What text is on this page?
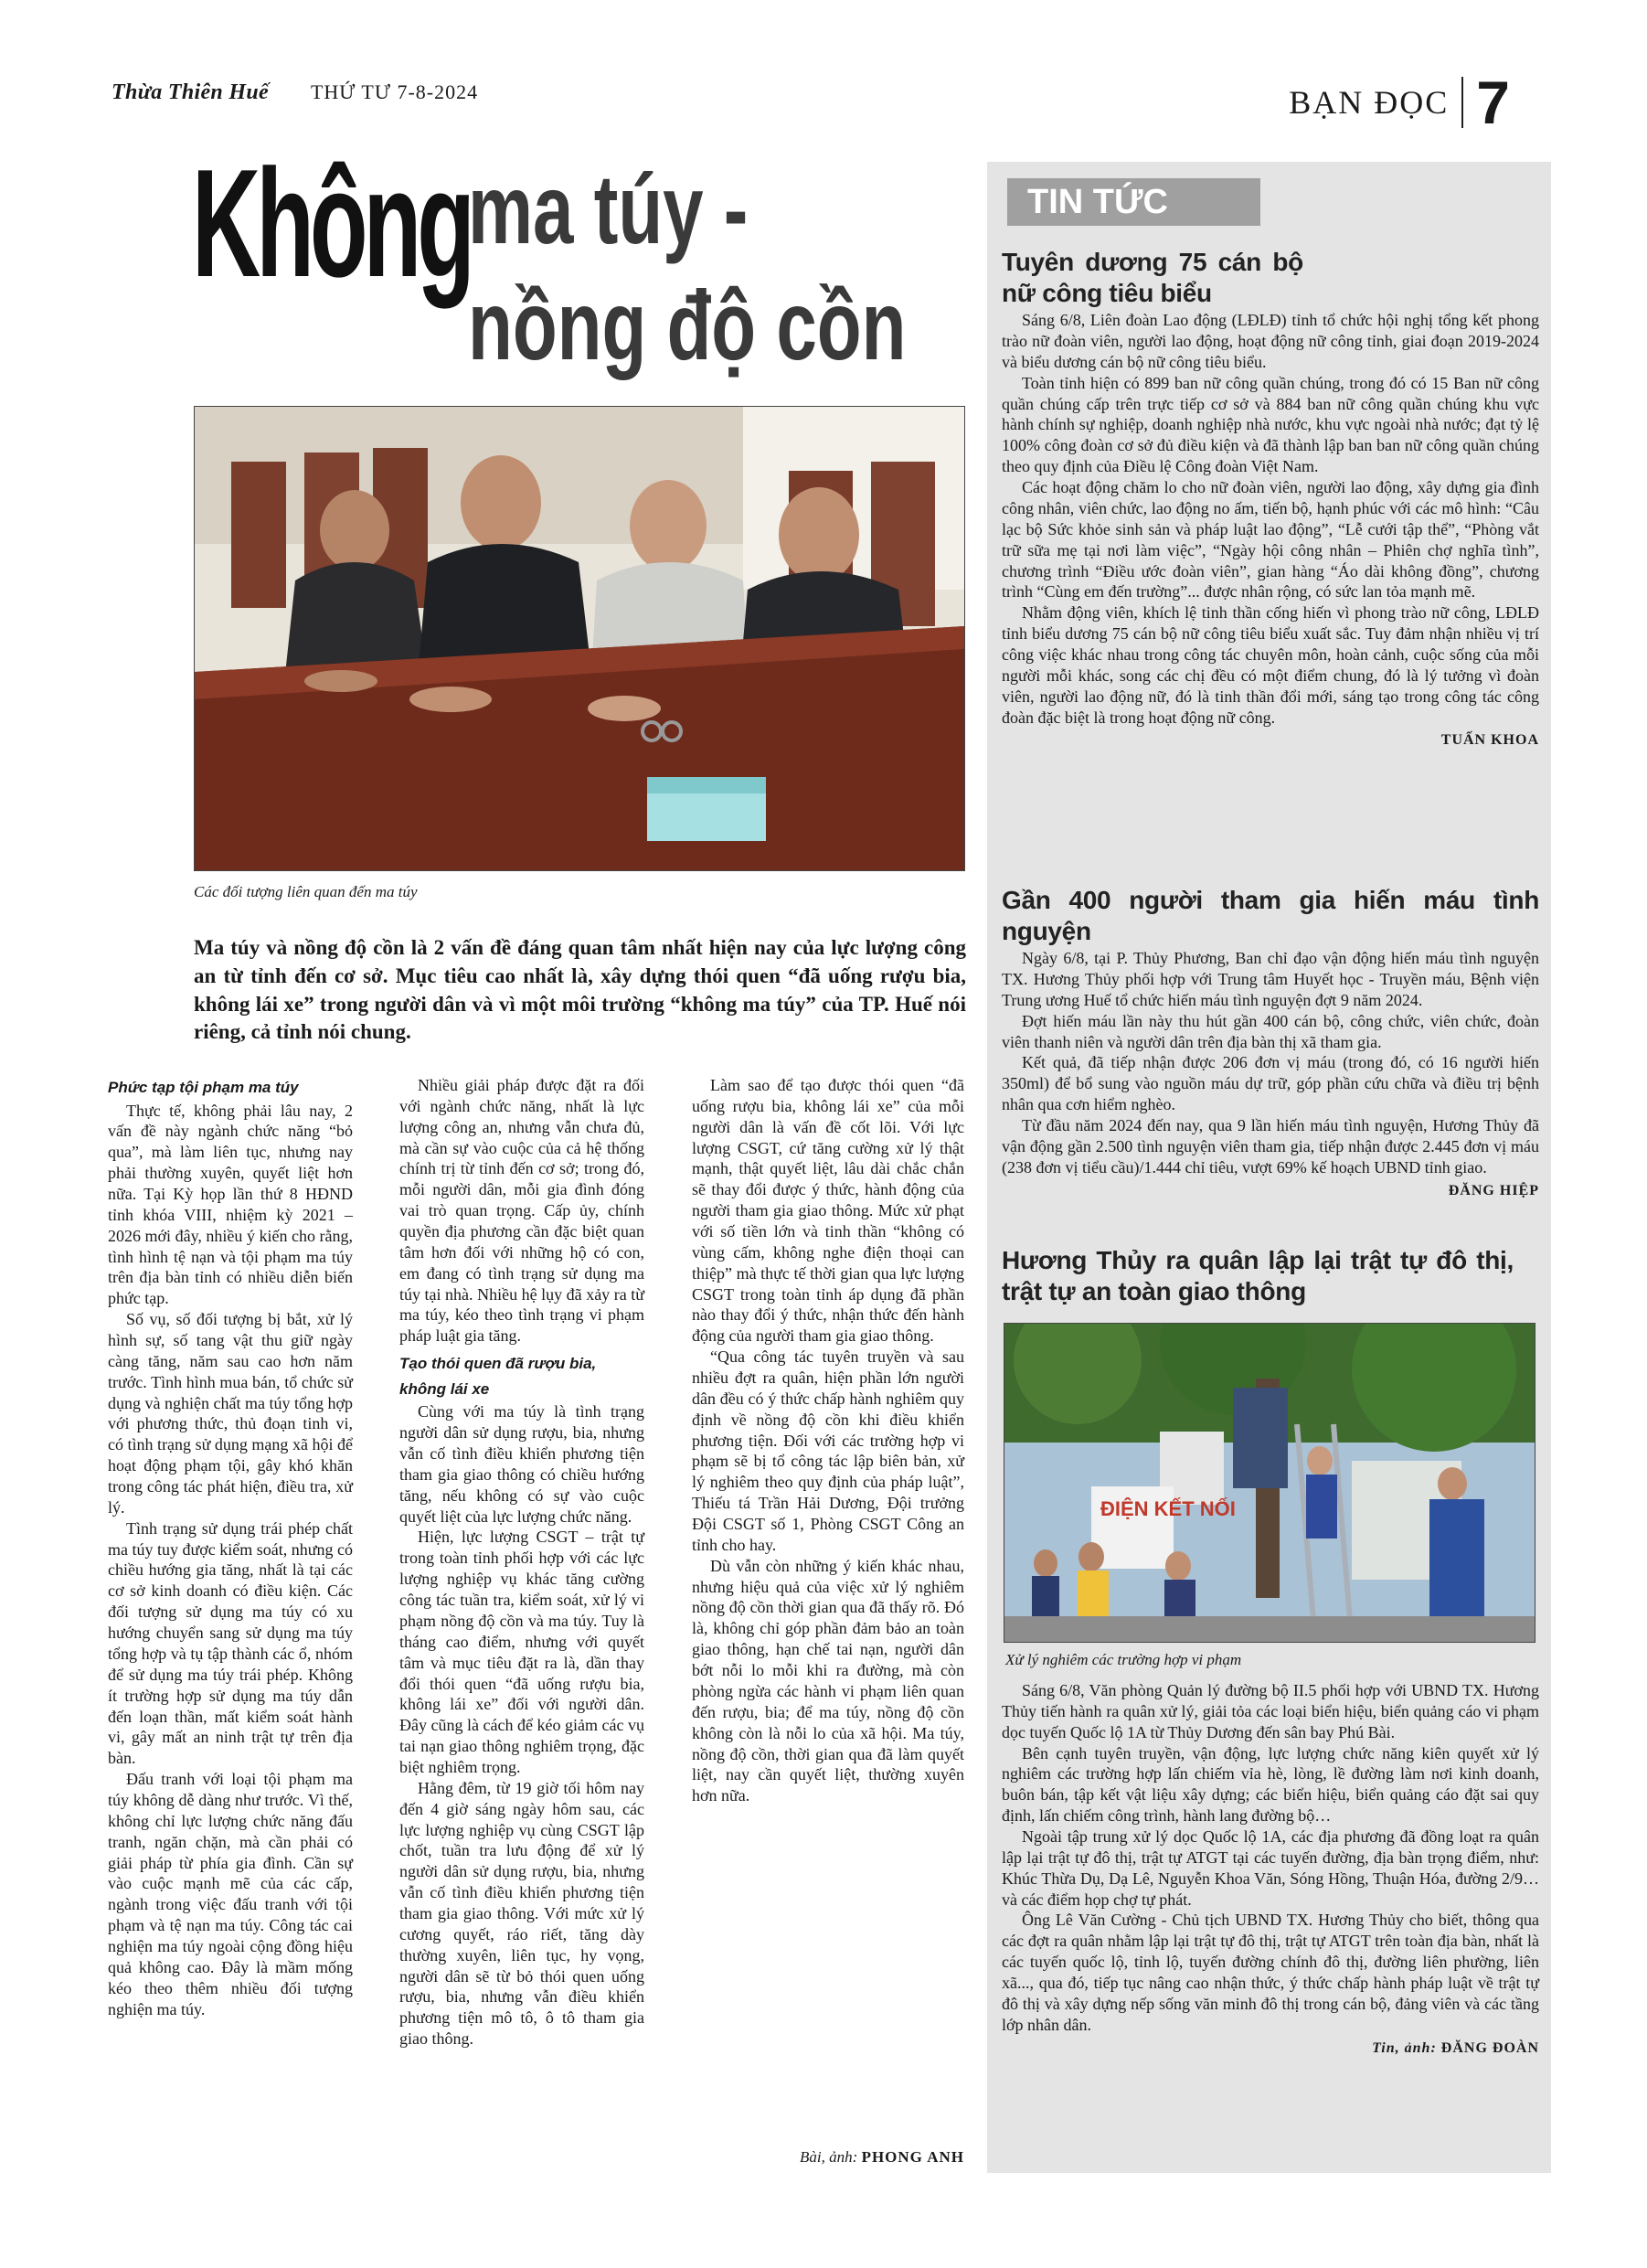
Thừa Thiên Huế THỨ TƯ 7-8-2024	BẠN ĐỌC 7
Không
ma túy -
nồng độ cồn
Các đối tượng liên quan đến ma túy
Ma túy và nồng độ cồn là 2 vấn đề đáng quan tâm nhất hiện nay của lực lượng công an từ tỉnh đến cơ sở. Mục tiêu cao nhất là, xây dựng thói quen “đã uống rượu bia, không lái xe” trong người dân và vì một môi trường “không ma túy” của TP. Huế nói riêng, cả tỉnh nói chung.
Phức tạp tội phạm ma túy

Thực tế, không phải lâu nay, 2 vấn đề này ngành chức năng “bỏ qua”, mà làm liên tục, nhưng nay phải thường xuyên, quyết liệt hơn nữa. Tại Kỳ họp lần thứ 8 HĐND tỉnh khóa VIII, nhiệm kỳ 2021 – 2026 mới đây, nhiều ý kiến cho rằng, tình hình tệ nạn và tội phạm ma túy trên địa bàn tỉnh có nhiều diễn biến phức tạp.

Số vụ, số đối tượng bị bắt, xử lý hình sự, số tang vật thu giữ ngày càng tăng, năm sau cao hơn năm trước. Tình hình mua bán, tổ chức sử dụng và nghiện chất ma túy tổng hợp với phương thức, thủ đoạn tinh vi, có tình trạng sử dụng mạng xã hội để hoạt động phạm tội, gây khó khăn trong công tác phát hiện, điều tra, xử lý.

Tình trạng sử dụng trái phép chất ma túy tuy được kiểm soát, nhưng có chiều hướng gia tăng, nhất là tại các cơ sở kinh doanh có điều kiện. Các đối tượng sử dụng ma túy có xu hướng chuyển sang sử dụng ma túy tổng hợp và tụ tập thành các ổ, nhóm để sử dụng ma túy trái phép. Không ít trường hợp sử dụng ma túy dẫn đến loạn thần, mất kiểm soát hành vi, gây mất an ninh trật tự trên địa bàn.

Đấu tranh với loại tội phạm ma túy không dễ dàng như trước. Vì thế, không chỉ lực lượng chức năng đấu tranh, ngăn chặn, mà cần phải có giải pháp từ phía gia đình. Cần sự vào cuộc mạnh mẽ của các cấp, ngành trong việc đấu tranh với tội phạm và tệ nạn ma túy. Công tác cai nghiện ma túy ngoài cộng đồng hiệu quả không cao. Đây là mầm mống kéo theo thêm nhiều đối tượng nghiện ma túy.

Nhiều giải pháp được đặt ra đối với ngành chức năng, nhất là lực lượng công an, nhưng vẫn chưa đủ, mà cần sự vào cuộc của cả hệ thống chính trị từ tỉnh đến cơ sở; trong đó, mỗi người dân, mỗi gia đình đóng vai trò quan trọng. Cấp ủy, chính quyền địa phương cần đặc biệt quan tâm hơn đối với những hộ có con, em đang có tình trạng sử dụng ma túy tại nhà. Nhiều hệ lụy đã xảy ra từ ma túy, kéo theo tình trạng vi phạm pháp luật gia tăng.

Tạo thói quen đã rượu bia,
không lái xe

Cùng với ma túy là tình trạng người dân sử dụng rượu, bia, nhưng vẫn cố tình điều khiển phương tiện tham gia giao thông có chiều hướng tăng, nếu không có sự vào cuộc quyết liệt của lực lượng chức năng.

Hiện, lực lượng CSGT – trật tự trong toàn tỉnh phối hợp với các lực lượng nghiệp vụ khác tăng cường công tác tuần tra, kiểm soát, xử lý vi phạm nồng độ cồn và ma túy. Tuy là tháng cao điểm, nhưng với quyết tâm và mục tiêu đặt ra là, dần thay đổi thói quen “đã uống rượu bia, không lái xe” đối với người dân. Đây cũng là cách để kéo giảm các vụ tai nạn giao thông nghiêm trọng, đặc biệt nghiêm trọng.

Hằng đêm, từ 19 giờ tối hôm nay đến 4 giờ sáng ngày hôm sau, các lực lượng nghiệp vụ cùng CSGT lập chốt, tuần tra lưu động để xử lý người dân sử dụng rượu, bia, nhưng vẫn cố tình điều khiển phương tiện tham gia giao thông. Với mức xử lý cương quyết, ráo riết, tăng dày thường xuyên, liên tục, hy vọng, người dân sẽ từ bỏ thói quen uống rượu, bia, nhưng vẫn điều khiển phương tiện mô tô, ô tô tham gia giao thông.

Làm sao để tạo được thói quen “đã uống rượu bia, không lái xe” của mỗi người dân là vấn đề cốt lõi. Với lực lượng CSGT, cứ tăng cường xử lý thật mạnh, thật quyết liệt, lâu dài chắc chắn sẽ thay đổi được ý thức, hành động của người tham gia giao thông. Mức xử phạt với số tiền lớn và tinh thần “không có vùng cấm, không nghe điện thoại can thiệp” mà thực tế thời gian qua lực lượng CSGT trong toàn tỉnh áp dụng đã phần nào thay đổi ý thức, nhận thức đến hành động của người tham gia giao thông.

“Qua công tác tuyên truyền và sau nhiều đợt ra quân, hiện phần lớn người dân đều có ý thức chấp hành nghiêm quy định về nồng độ cồn khi điều khiển phương tiện. Đối với các trường hợp vi phạm sẽ bị tổ công tác lập biên bản, xử lý nghiêm theo quy định của pháp luật”, Thiếu tá Trần Hải Dương, Đội trưởng Đội CSGT số 1, Phòng CSGT Công an tỉnh cho hay.

Dù vẫn còn những ý kiến khác nhau, nhưng hiệu quả của việc xử lý nghiêm nồng độ cồn thời gian qua đã thấy rõ. Đó là, không chỉ góp phần đảm bảo an toàn giao thông, hạn chế tai nạn, người dân bớt nỗi lo mỗi khi ra đường, mà còn phòng ngừa các hành vi phạm liên quan đến rượu, bia; để ma túy, nồng độ cồn không còn là nỗi lo của xã hội. Ma túy, nồng độ cồn, thời gian qua đã làm quyết liệt, nay cần quyết liệt, thường xuyên hơn nữa.

Bài, ảnh: PHONG ANH
TIN TỨC
Tuyên dương 75 cán bộ nữ công tiêu biểu

Sáng 6/8, Liên đoàn Lao động (LĐLĐ) tỉnh tổ chức hội nghị tổng kết phong trào nữ đoàn viên, người lao động, hoạt động nữ công tỉnh, giai đoạn 2019-2024 và biểu dương cán bộ nữ công tiêu biểu.

Toàn tỉnh hiện có 899 ban nữ công quần chúng, trong đó có 15 Ban nữ công quần chúng cấp trên trực tiếp cơ sở và 884 ban nữ công quần chúng khu vực hành chính sự nghiệp, doanh nghiệp nhà nước, khu vực ngoài nhà nước; đạt tỷ lệ 100% công đoàn cơ sở đủ điều kiện và đã thành lập ban ban nữ công quần chúng theo quy định của Điều lệ Công đoàn Việt Nam.

Các hoạt động chăm lo cho nữ đoàn viên, người lao động, xây dựng gia đình công nhân, viên chức, lao động no ấm, tiến bộ, hạnh phúc với các mô hình: “Câu lạc bộ Sức khỏe sinh sản và pháp luật lao động”, “Lễ cưới tập thể”, “Phòng vắt trữ sữa mẹ tại nơi làm việc”, “Ngày hội công nhân – Phiên chợ nghĩa tình”, chương trình “Điều ước đoàn viên”, gian hàng “Áo dài không đồng”, chương trình “Cùng em đến trường”... được nhân rộng, có sức lan tỏa mạnh mẽ.

Nhằm động viên, khích lệ tinh thần cống hiến vì phong trào nữ công, LĐLĐ tỉnh biểu dương 75 cán bộ nữ công tiêu biểu xuất sắc. Tuy đảm nhận nhiều vị trí công việc khác nhau trong công tác chuyên môn, hoàn cảnh, cuộc sống của mỗi người mỗi khác, song các chị đều có một điểm chung, đó là lý tưởng vì đoàn viên, người lao động nữ, đó là tinh thần đổi mới, sáng tạo trong công tác công đoàn đặc biệt là trong hoạt động nữ công.

TUẤN KHOA
Gần 400 người tham gia hiến máu tình nguyện

Ngày 6/8, tại P. Thủy Phương, Ban chỉ đạo vận động hiến máu tình nguyện TX. Hương Thủy phối hợp với Trung tâm Huyết học - Truyền máu, Bệnh viện Trung ương Huế tổ chức hiến máu tình nguyện đợt 9 năm 2024.

Đợt hiến máu lần này thu hút gần 400 cán bộ, công chức, viên chức, đoàn viên thanh niên và người dân trên địa bàn thị xã tham gia.

Kết quả, đã tiếp nhận được 206 đơn vị máu (trong đó, có 16 người hiến 350ml) để bổ sung vào nguồn máu dự trữ, góp phần cứu chữa và điều trị bệnh nhân qua cơn hiểm nghèo.

Từ đầu năm 2024 đến nay, qua 9 lần hiến máu tình nguyện, Hương Thủy đã vận động gần 2.500 tình nguyện viên tham gia, tiếp nhận được 2.445 đơn vị máu (238 đơn vị tiểu cầu)/1.444 chỉ tiêu, vượt 69% kế hoạch UBND tỉnh giao.

ĐĂNG HIỆP
Hương Thủy ra quân lập lại trật tự đô thị, trật tự an toàn giao thông
ĐIỆN KẾT NỐI
Xử lý nghiêm các trường hợp vi phạm

Sáng 6/8, Văn phòng Quản lý đường bộ II.5 phối hợp với UBND TX. Hương Thủy tiến hành ra quân xử lý, giải tỏa các loại biển hiệu, biển quảng cáo vi phạm dọc tuyến Quốc lộ 1A từ Thủy Dương đến sân bay Phú Bài.

Bên cạnh tuyên truyền, vận động, lực lượng chức năng kiên quyết xử lý nghiêm các trường hợp lấn chiếm vỉa hè, lòng, lề đường làm nơi kinh doanh, buôn bán, tập kết vật liệu xây dựng; các biển hiệu, biển quảng cáo đặt sai quy định, lấn chiếm công trình, hành lang đường bộ…

Ngoài tập trung xử lý dọc Quốc lộ 1A, các địa phương đã đồng loạt ra quân lập lại trật tự đô thị, trật tự ATGT tại các tuyến đường, địa bàn trọng điểm, như: Khúc Thừa Dụ, Dạ Lê, Nguyễn Khoa Văn, Sóng Hồng, Thuận Hóa, đường 2/9… và các điểm họp chợ tự phát.

Ông Lê Văn Cường - Chủ tịch UBND TX. Hương Thủy cho biết, thông qua các đợt ra quân nhằm lập lại trật tự đô thị, trật tự ATGT trên toàn địa bàn, nhất là các tuyến quốc lộ, tỉnh lộ, tuyến đường chính đô thị, đường liên phường, liên xã..., qua đó, tiếp tục nâng cao nhận thức, ý thức chấp hành pháp luật về trật tự đô thị và xây dựng nếp sống văn minh đô thị trong cán bộ, đảng viên và các tầng lớp nhân dân.

Tin, ảnh: ĐĂNG ĐOÀN
